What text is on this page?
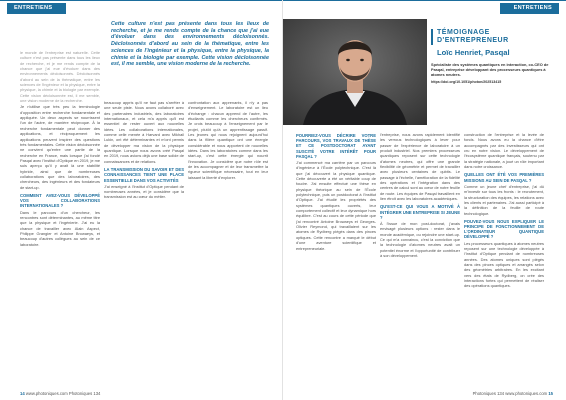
ENTRETIENS
Cette culture n'est pas présente dans tous les lieux de recherche, et je me rends compte de la chance que j'ai eue d'évoluer dans des environnements décloisonnés. Décloisonnés d'abord au sein de la thématique, entre les sciences de l'ingénieur et la physique, entre la physique, la chimie et la biologie par exemple. Cette vision décloisonnée est, il me semble, une vision moderne de la recherche.

le monde de l'entreprise est naturelle. Cette culture n'est pas présente dans tous les lieux de recherche, et je me rends compte de la chance que j'ai eue d'évoluer dans des environnements décloisonnés. Décloisonnés d'abord au sein de la thématique, entre les sciences de l'ingénieur et la physique, entre la physique, la chimie et la biologie par exemple. Cette vision décloisonnée est, il me semble, une vision moderne de la recherche.

Je n'utilise que très peu la terminologie d'opposition entre recherche fondamentale et appliquée. Un deux aspects se nourrissent l'un de l'autre, de manière réciproque. À la recherche fondamentale peut donner des applications, et réciproquement les applications peuvent inspirer des questions très fondamentales. Cette vision décloisonnée ne convient qu'entre une partie de la recherche en France, mais lorsque j'ai fondé Pasqal avec l'Institut d'Optique en 2019, je me suis aperçu qu'il y avait là une stabilité hybride, ainsi que de nombreuses collaborations que des laboratoires, des chercheurs, des ingénieurs et des fondateurs de start-up.

COMMENT AVEZ-VOUS DÉVELOPPÉ VOS COLLABORATIONS INTERNATIONALES ?

Dans le parcours d'un chercheur, les rencontres sont déterminantes, au même titre que la physique et l'ingénierie. J'ai eu la chance de travailler avec Alain Aspect, Philippe Grangier et Antoine Browaeys, et beaucoup d'autres collègues au sein de ce laboratoire.

beaucoup appris qu'il ne faut pas s'arrêter à une seule piste. Nous avons collaboré avec des partenaires industriels, des laboratoires internationaux, et cela m'a appris qu'il est essentiel de rester ouvert aux nouvelles idées. Les collaborations internationales, comme celle menée à Harvard avec Mikhail Lukin, ont été déterminantes et m'ont permis de développer ma vision de la physique quantique. Lorsque nous avons créé Pasqal en 2019, nous avions déjà une base solide de connaissances et de relations.

LA TRANSMISSION DU SAVOIR ET DES CONNAISSANCES TIENT UNE PLACE ESSENTIELLE DANS VOS ACTIVITÉS

J'ai enseigné à l'Institut d'Optique pendant de nombreuses années, et je considère que la transmission est au cœur du métier.

confrontation aux apprenants, il n'y a pas d'enseignement. Le laboratoire est un lieu d'échange : chacun apprend de l'autre, les étudiants comme les chercheurs confirmés. Je crois beaucoup à l'enseignement par le projet, plutôt qu'à un apprentissage passif. Les jeunes qui nous rejoignent aujourd'hui dans la filière quantique ont une énergie considérable et nous apportent de nouvelles idées. Dans les laboratoires comme dans les start-up, c'est cette énergie qui nourrit l'innovation. Je considère que notre rôle est de les accompagner et de leur transmettre la rigueur scientifique nécessaire, tout en leur laissant la liberté d'explorer.

14 www.photoniques.com Photoniques 134
ENTRETIENS
TÉMOIGNAGE D'ENTREPRENEUR
Loïc Henriet, Pasqal
Spécialiste des systèmes quantiques en interaction, co-CEO de Pasqal, entreprise développant des processeurs quantiques à atomes neutres.
https://doi.org/10.1051/photon/202513415
POURRIEZ-VOUS DÉCRIRE VOTRE PARCOURS, VOS TRAVAUX DE THÈSE ET CE POSTDOCTORAT AYANT SUSCITÉ VOTRE INTÉRÊT POUR PASQAL ?

J'ai commencé ma carrière par un parcours d'ingénieur à l'École polytechnique. C'est là que j'ai découvert la physique quantique. Cette découverte a été un véritable coup de foudre. J'ai ensuite effectué une thèse en physique théorique au sein de l'École polytechnique, puis un postdoctorat à l'Institut d'Optique. J'ai étudié les propriétés des systèmes quantiques ouverts, leur comportement collectif et leur dynamique hors équilibre. C'est au cours de cette période que j'ai rencontré Antoine Browaeys et Georges-Olivier Reymond, qui travaillaient sur les atomes de Rydberg piégés dans des pinces optiques. Cette rencontre a marqué le début d'une aventure scientifique et entrepreneuriale.

l'entreprise, nous avons rapidement identifié les verrous technologiques à lever pour passer de l'expérience de laboratoire à un produit industriel. Nos premiers processeurs quantiques reposent sur cette technologie d'atomes neutres, qui offre une grande flexibilité de géométrie et permet de travailler avec plusieurs centaines de qubits. Le passage à l'échelle, l'amélioration de la fidélité des opérations et l'intégration dans des centres de calcul sont au cœur de notre feuille de route. Les équipes de Pasqal travaillent en lien étroit avec les laboratoires académiques.

QU'EST-CE QUI VOUS A MOTIVÉ À INTÉGRER UNE ENTREPRISE SI JEUNE ?

À l'issue de mon post-doctorat, j'avais envisagé plusieurs options : rester dans le monde académique, ou rejoindre une start-up. Ce qui m'a convaincu, c'est la conviction que la technologie d'atomes neutres avait un potentiel énorme et l'opportunité de contribuer à son développement.

construction de l'entreprise et la levée de fonds. Nous avons eu la chance d'être accompagnés par des investisseurs qui ont cru en notre vision. Le développement de l'écosystème quantique français, soutenu par la stratégie nationale, a joué un rôle important dans notre croissance.

QUELLES ONT ÉTÉ VOS PREMIÈRES MISSIONS AU SEIN DE PASQAL ?

Comme un jeune chef d'entreprise, j'ai dû m'investir sur tous les fronts : le recrutement, la structuration des équipes, les relations avec les clients et partenaires. J'ai aussi participé à la définition de la feuille de route technologique.

POUVEZ-VOUS NOUS EXPLIQUER LE PRINCIPE DE FONCTIONNEMENT DE L'ORDINATEUR QUANTIQUE DÉVELOPPÉ ?

Les processeurs quantiques à atomes neutres reposent sur une technologie développée à l'Institut d'Optique pendant de nombreuses années. Des atomes uniques sont piégés dans des pinces optiques et arrangés selon des géométries arbitraires. En les excitant vers des états de Rydberg, on crée des interactions fortes qui permettent de réaliser des opérations quantiques.

Photoniques 134 www.photoniques.com 15
